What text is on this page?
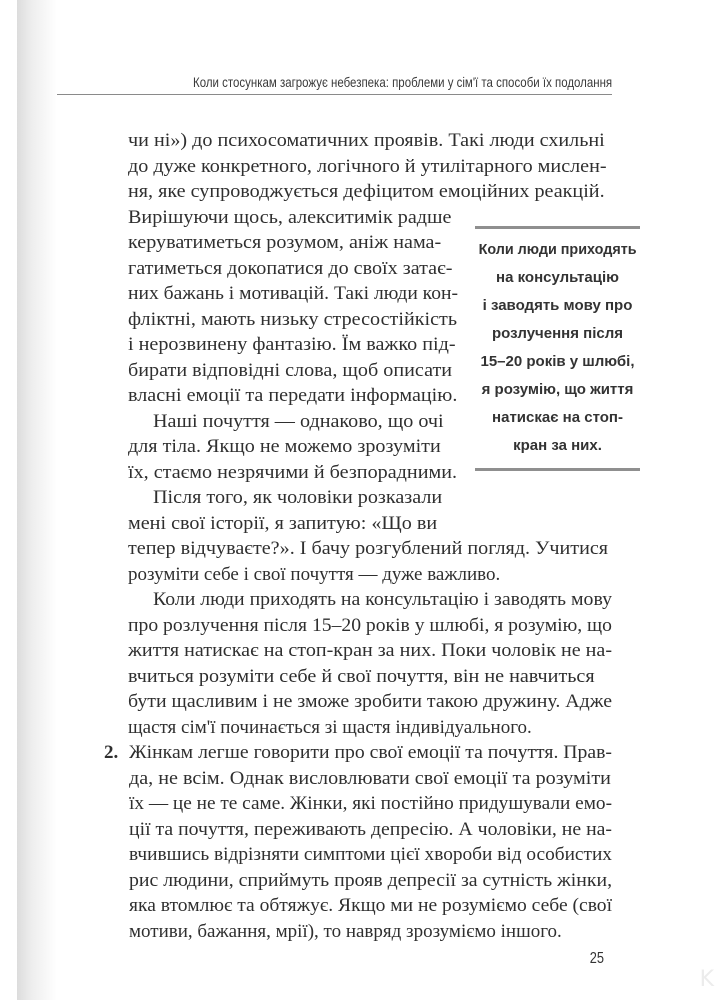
Коли стосункам загрожує небезпека: проблеми у сім'ї та способи їх подолання
чи ні») до психосоматичних проявів. Такі люди схильні
до дуже конкретного, логічного й утилітарного мислен-
ня, яке супроводжується дефіцитом емоційних реакцій.
Вирішуючи щось, алекситимік радше
керуватиметься розумом, аніж нама-
гатиметься докопатися до своїх затає-
них бажань і мотивацій. Такі люди кон-
фліктні, мають низьку стресостійкість
і нерозвинену фантазію. Їм важко під-
бирати відповідні слова, щоб описати
власні емоції та передати інформацію.
Наші почуття — однаково, що очі
для тіла. Якщо не можемо зрозуміти
їх, стаємо незрячими й безпорадними.
Після того, як чоловіки розказали
мені свої історії, я запитую: «Що ви
тепер відчуваєте?». І бачу розгублений погляд. Учитися
розуміти себе і свої почуття — дуже важливо.
Коли люди приходять на консультацію і заводять мову
про розлучення після 15–20 років у шлюбі, я розумію, що
життя натискає на стоп-кран за них. Поки чоловік не на-
вчиться розуміти себе й свої почуття, він не навчиться
бути щасливим і не зможе зробити такою дружину. Адже
щастя сім'ї починається зі щастя індивідуального.
Коли люди приходять
на консультацію
і заводять мову про
розлучення після
15–20 років у шлюбі,
я розумію, що життя
натискає на стоп-
кран за них.
2. Жінкам легше говорити про свої емоції та почуття. Прав-
да, не всім. Однак висловлювати свої емоції та розуміти
їх — це не те саме. Жінки, які постійно придушували емо-
ції та почуття, переживають депресію. А чоловіки, не на-
вчившись відрізняти симптоми цієї хвороби від особистих
рис людини, сприймуть прояв депресії за сутність жінки,
яка втомлює та обтяжує. Якщо ми не розуміємо себе (свої
мотиви, бажання, мрії), то навряд зрозуміємо іншого.
25
K
